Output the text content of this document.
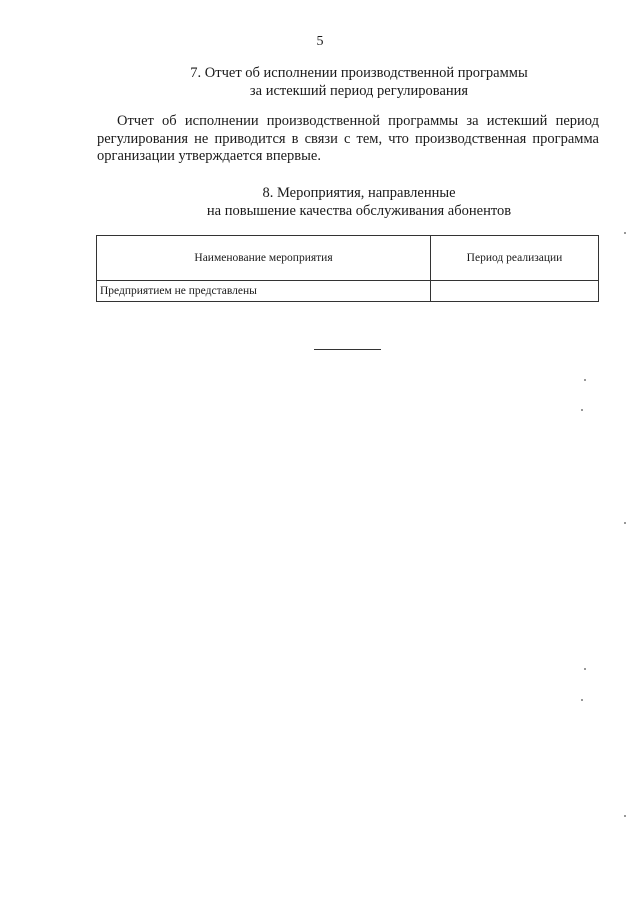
5
7. Отчет об исполнении производственной программы
за истекший период регулирования

Отчет об исполнении производственной программы за истекший период регулирования не приводится в связи с тем, что производственная программа организации утверждается впервые.

8. Мероприятия, направленные
на повышение качества обслуживания абонентов
Наименование мероприятия	Период реализации
Предприятием не представлены	
